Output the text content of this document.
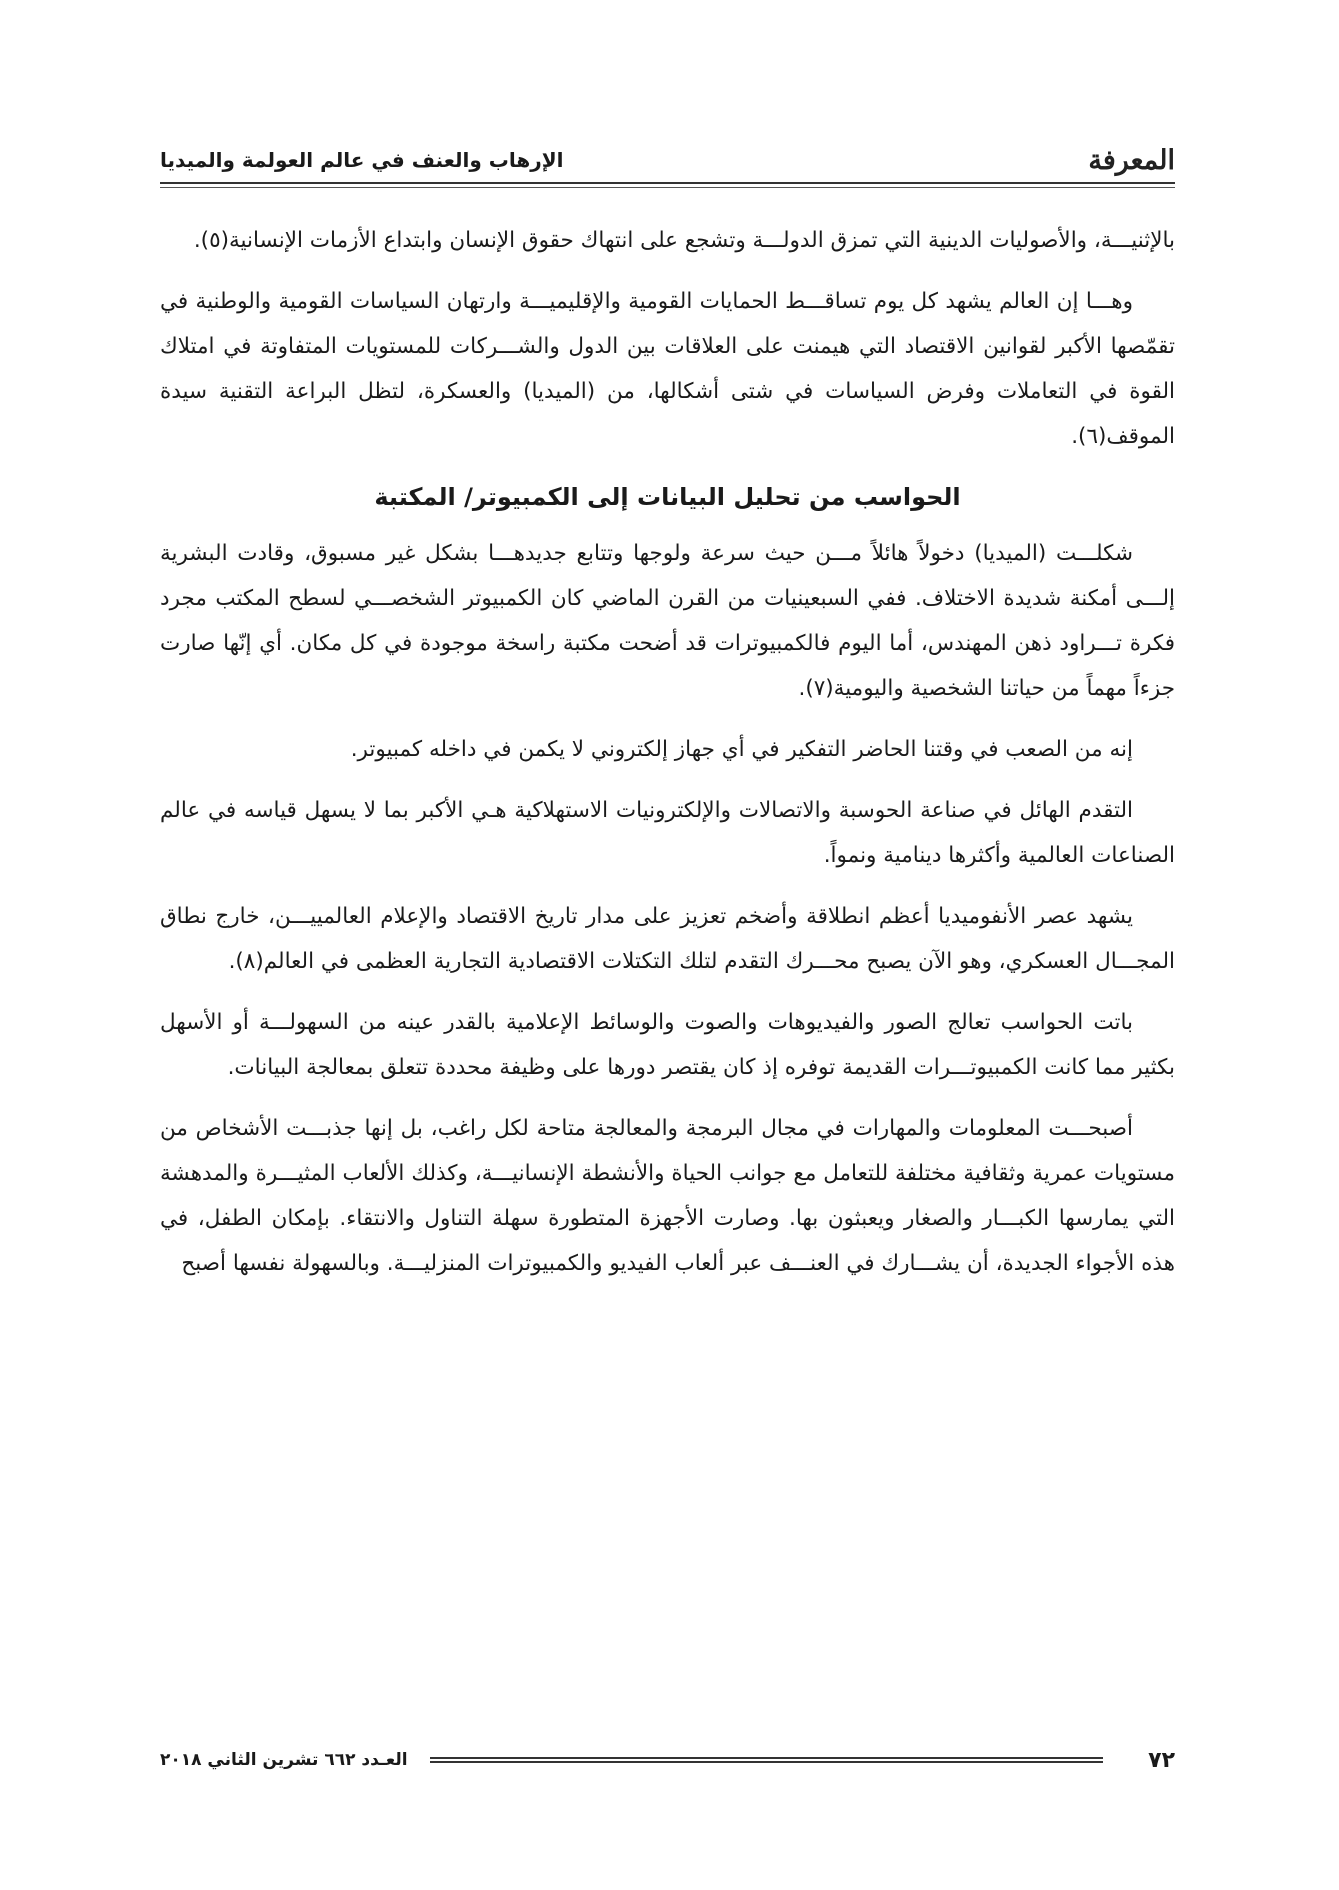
المعرفة
الإرهاب والعنف في عالم العولمة والميديا

بالإثنيـــة، والأصوليات الدينية التي تمزق الدولـــة وتشجع على انتهاك حقوق الإنسان وابتداع الأزمات الإنسانية(٥).

وهـــا إن العالم يشهد كل يوم تساقـــط الحمايات القومية والإقليميـــة وارتهان السياسات القومية والوطنية في تقمّصها الأكبر لقوانين الاقتصاد التي هيمنت على العلاقات بين الدول والشـــركات للمستويات المتفاوتة في امتلاك القوة في التعاملات وفرض السياسات في شتى أشكالها، من (الميديا) والعسكرة، لتظل البراعة التقنية سيدة الموقف(٦).

الحواسب من تحليل البيانات إلى الكمبيوتر/ المكتبة

شكلـــت (الميديا) دخولاً هائلاً مـــن حيث سرعة ولوجها وتتابع جديدهـــا بشكل غير مسبوق، وقادت البشرية إلـــى أمكنة شديدة الاختلاف. ففي السبعينيات من القرن الماضي كان الكمبيوتر الشخصـــي لسطح المكتب مجرد فكرة تـــراود ذهن المهندس، أما اليوم فالكمبيوترات قد أضحت مكتبة راسخة موجودة في كل مكان. أي إنّها صارت جزءاً مهماً من حياتنا الشخصية واليومية(٧).

إنه من الصعب في وقتنا الحاضر التفكير في أي جهاز إلكتروني لا يكمن في داخله كمبيوتر.

التقدم الهائل في صناعة الحوسبة والاتصالات والإلكترونيات الاستهلاكية هـي الأكبر بما لا يسهل قياسه في عالم الصناعات العالمية وأكثرها دينامية ونمواً.

يشهد عصر الأنفوميديا أعظم انطلاقة وأضخم تعزيز على مدار تاريخ الاقتصاد والإعلام العالمييـــن، خارج نطاق المجـــال العسكري، وهو الآن يصبح محـــرك التقدم لتلك التكتلات الاقتصادية التجارية العظمى في العالم(٨).

باتت الحواسب تعالج الصور والفيديوهات والصوت والوسائط الإعلامية بالقدر عينه من السهولـــة أو الأسهل بكثير مما كانت الكمبيوتـــرات القديمة توفره إذ كان يقتصر دورها على وظيفة محددة تتعلق بمعالجة البيانات.

أصبحـــت المعلومات والمهارات في مجال البرمجة والمعالجة متاحة لكل راغب، بل إنها جذبـــت الأشخاص من مستويات عمرية وثقافية مختلفة للتعامل مع جوانب الحياة والأنشطة الإنسانيـــة، وكذلك الألعاب المثيـــرة والمدهشة التي يمارسها الكبـــار والصغار ويعبثون بها. وصارت الأجهزة المتطورة سهلة التناول والانتقاء. بإمكان الطفل، في هذه الأجواء الجديدة، أن يشـــارك في العنـــف عبر ألعاب الفيديو والكمبيوترات المنزليـــة. وبالسهولة نفسها أصبح

٧٢
العـدد ٦٦٢ تشرين الثاني ٢٠١٨
